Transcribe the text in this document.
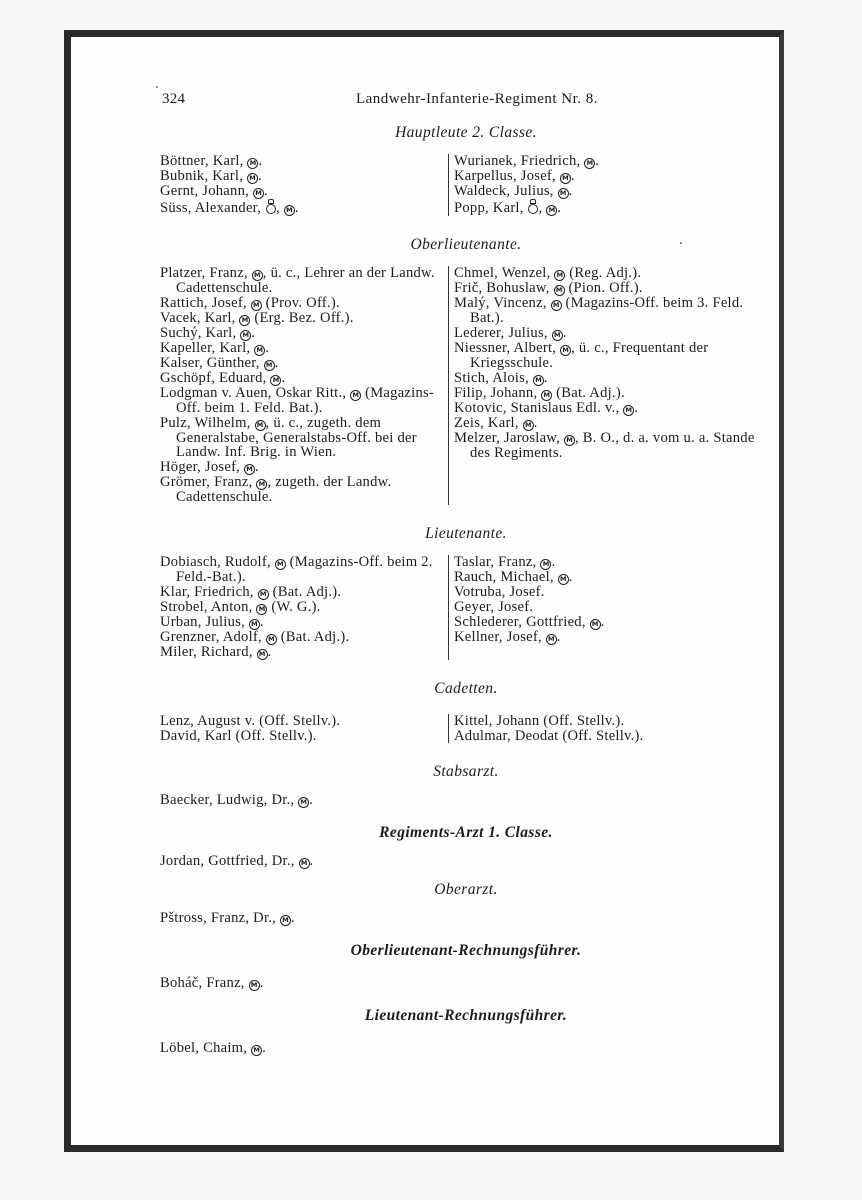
324	Landwehr-Infanterie-Regiment Nr. 8.
Hauptleute 2. Classe.
Böttner, Karl, M .
Bubnik, Karl, M .
Gernt, Johann, M .
Süss, Alexander, , M .
Wurianek, Friedrich, M .
Karpellus, Josef, M .
Waldeck, Julius, M .
Popp, Karl, , M .
Oberlieutenante.
Platzer, Franz, M , ü. c., Lehrer an der Landw. Cadettenschule.
Rattich, Josef, M (Prov. Off.).
Vacek, Karl, M (Erg. Bez. Off.).
Suchý, Karl, M .
Kapeller, Karl, M .
Kalser, Günther, M .
Gschöpf, Eduard, M .
Lodgman v. Auen, Oskar Ritt., M (Magazins-Off. beim 1. Feld. Bat.).
Pulz, Wilhelm, M , ü. c., zugeth. dem Generalstabe, Generalstabs-Off. bei der Landw. Inf. Brig. in Wien.
Höger, Josef, M .
Grömer, Franz, M , zugeth. der Landw. Cadettenschule.
Chmel, Wenzel, M (Reg. Adj.).
Frič, Bohuslaw, M (Pion. Off.).
Malý, Vincenz, M (Magazins-Off. beim 3. Feld. Bat.).
Lederer, Julius, M .
Niessner, Albert, M , ü. c., Frequentant der Kriegsschule.
Stich, Alois, M .
Filip, Johann, M (Bat. Adj.).
Kotovic, Stanislaus Edl. v., M .
Zeis, Karl, M .
Melzer, Jaroslaw, M , B. O., d. a. vom u. a. Stande des Regiments.
Lieutenante.
Dobiasch, Rudolf, M (Magazins-Off. beim 2. Feld.-Bat.).
Klar, Friedrich, M (Bat. Adj.).
Strobel, Anton, M (W. G.).
Urban, Julius, M .
Grenzner, Adolf, M (Bat. Adj.).
Miler, Richard, M .
Taslar, Franz, M .
Rauch, Michael, M .
Votruba, Josef.
Geyer, Josef.
Schlederer, Gottfried, M .
Kellner, Josef, M .
Cadetten.
Lenz, August v. (Off. Stellv.).
David, Karl (Off. Stellv.).
Kittel, Johann (Off. Stellv.).
Adulmar, Deodat (Off. Stellv.).
Stabsarzt.
Baecker, Ludwig, Dr., M .
Regiments-Arzt 1. Classe.
Jordan, Gottfried, Dr., M .
Oberarzt.
Pštross, Franz, Dr., M .
Oberlieutenant-Rechnungsführer.
Boháč, Franz, M .
Lieutenant-Rechnungsführer.
Löbel, Chaim, M .
